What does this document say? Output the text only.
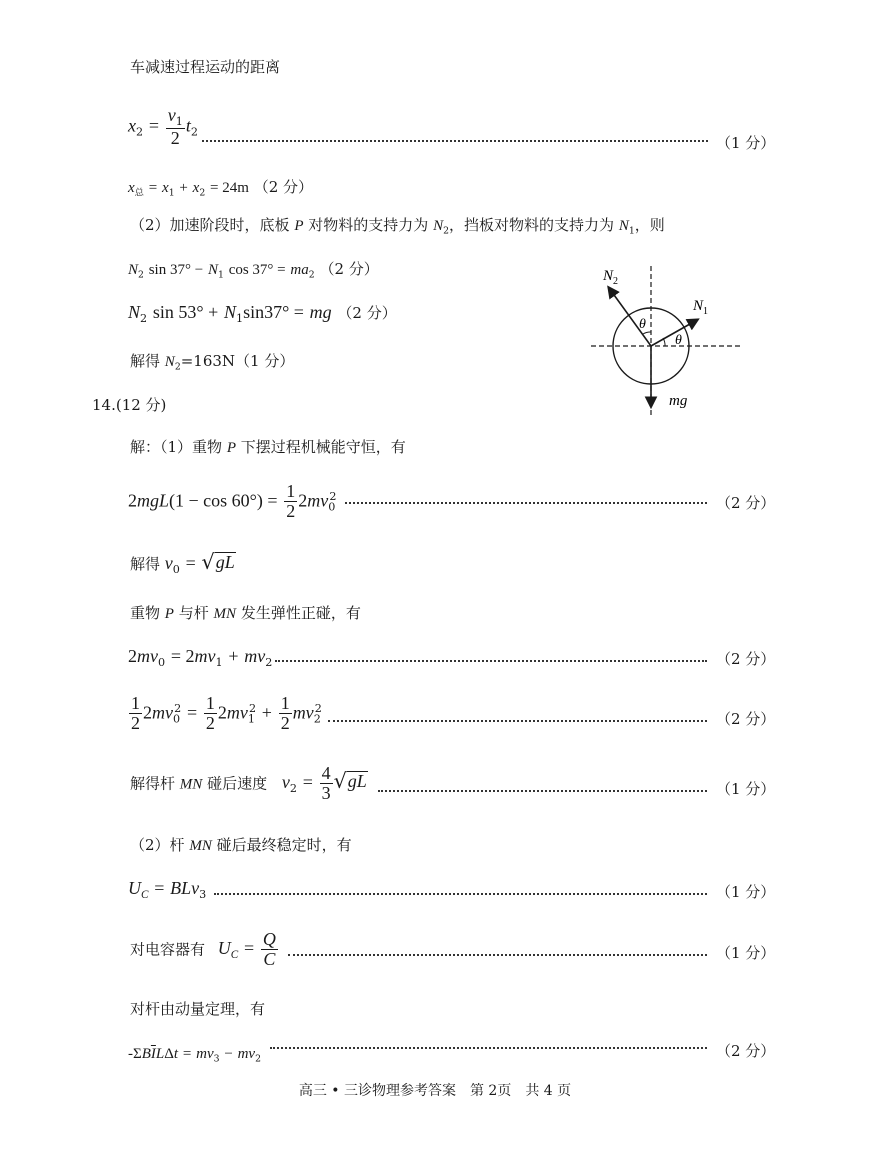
车减速过程运动的距离
$x_2 = \frac{v_1}{2} t_2$
（1 分）
$x_总 = x_1 + x_2 = 24m$ （2 分）
（2）加速阶段时，底板 P 对物料的支持力为 $N_2$，挡板对物料的支持力为 $N_1$，则
$N_2$ $\sin 37^\circ - N_1$ $\cos 37^\circ = ma_2$ （2 分）
$N_2$ $\sin 53^\circ + N_1\sin 37^\circ$ = mg （2 分）
解得 $N_2=163N(1$ 分）
$N_2$
$N_1$
θ
θ
mg
14.(12 分)
解：（1）重物 P 下摆过程机械能守恒，有
$2mgL(1 - \cos 60^\circ) = \frac{1}{2} 2mv_0^2$	（2 分）
解得 $v_0$ = √ gL
重物 P 与杆 MN 发生弹性正碰，有
$2mv_0 = 2mv_1 + mv_2$	（2 分）
$\frac{1}{2} 2mv_0^2 = \frac{1}{2} 2mv_1^2 + \frac{1}{2} mv_2^2$
（2 分）
解得杆 MN 碰后速度 $v_2 = \frac{4}{3}$ √ gL	（1 分）
（2）杆 MN 碰后最终稳定时，有
$U_C = BLv_3$	（1 分）
对电容器有 $U_C = \frac{Q}{C}$	（1 分）
对杆由动量定理，有
$-\Sigma B\overline{I}L\Delta t = mv_3 - mv_2$	（2 分）
高三 • 三诊物理参考答案　第 2页　共 4 页
